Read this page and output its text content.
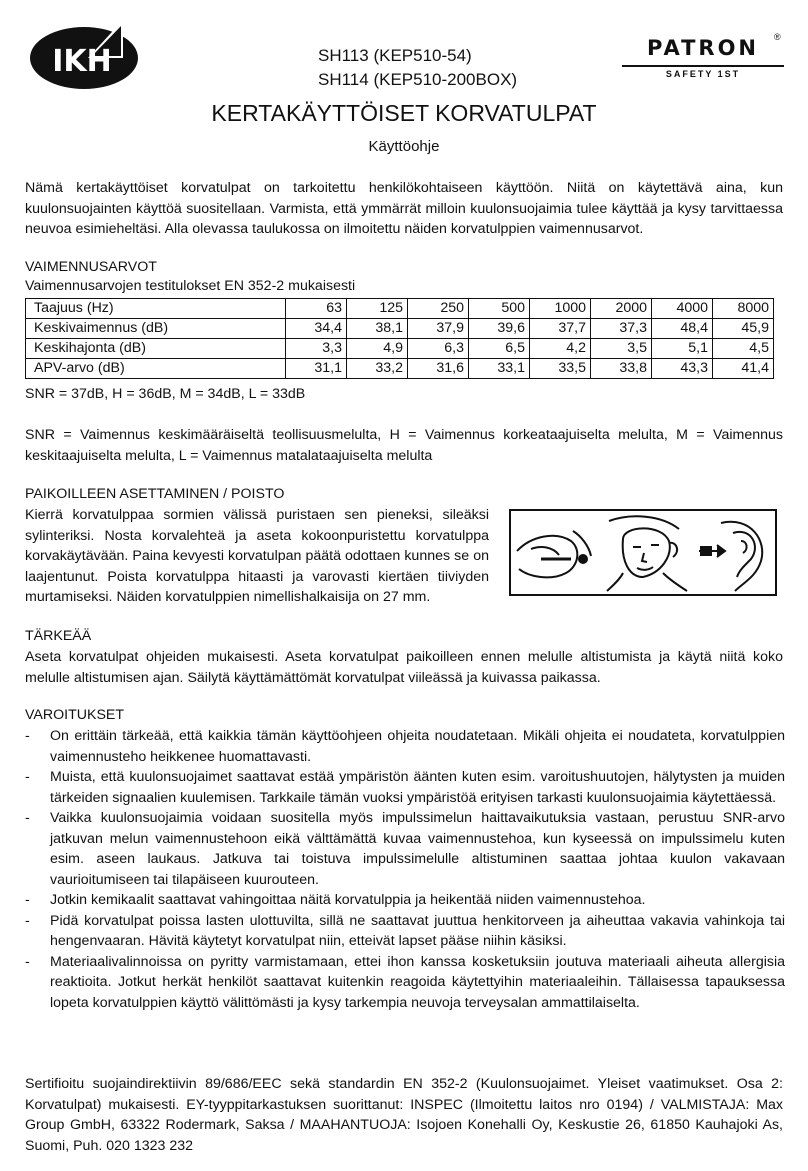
IKH	PATRON	®
SAFETY 1ST
SH113 (KEP510-54)
SH114 (KEP510-200BOX)
KERTAKÄYTTÖISET KORVATULPAT
Käyttöohje
Nämä kertakäyttöiset korvatulpat on tarkoitettu henkilökohtaiseen käyttöön. Niitä on käytettävä aina, kun kuulonsuojainten käyttöä suositellaan. Varmista, että ymmärrät milloin kuulonsuojaimia tulee käyttää ja kysy tarvittaessa neuvoa esimieheltäsi. Alla olevassa taulukossa on ilmoitettu näiden korvatulppien vaimennusarvot.
VAIMENNUSARVOT
Vaimennusarvojen testitulokset EN 352-2 mukaisesti
Taajuus (Hz)	63	125	250	500	1000	2000	4000	8000
Keskivaimennus (dB)	34,4	38,1	37,9	39,6	37,7	37,3	48,4	45,9
Keskihajonta (dB)	3,3	4,9	6,3	6,5	4,2	3,5	5,1	4,5
APV-arvo (dB)	31,1	33,2	31,6	33,1	33,5	33,8	43,3	41,4
SNR = 37dB, H = 36dB, M = 34dB, L = 33dB
SNR = Vaimennus keskimääräiseltä teollisuusmelulta, H = Vaimennus korkeataajuiselta melulta, M = Vaimennus keskitaajuiselta melulta, L = Vaimennus matalataajuiselta melulta
PAIKOILLEEN ASETTAMINEN / POISTO
Kierrä korvatulppaa sormien välissä puristaen sen pieneksi, sileäksi sylinteriksi. Nosta korvalehteä ja aseta kokoonpuristettu korvatulppa korvakäytävään. Paina kevyesti korvatulpan päätä odottaen kunnes se on laajentunut. Poista korvatulppa hitaasti ja varovasti kiertäen tiiviyden murtamiseksi. Näiden korvatulppien nimellishalkaisija on 27 mm.
TÄRKEÄÄ
Aseta korvatulpat ohjeiden mukaisesti. Aseta korvatulpat paikoilleen ennen melulle altistumista ja käytä niitä koko melulle altistumisen ajan. Säilytä käyttämättömät korvatulpat viileässä ja kuivassa paikassa.
VAROITUKSET
- On erittäin tärkeää, että kaikkia tämän käyttöohjeen ohjeita noudatetaan. Mikäli ohjeita ei noudateta, korvatulppien vaimennusteho heikkenee huomattavasti.
- Muista, että kuulonsuojaimet saattavat estää ympäristön äänten kuten esim. varoitushuutojen, hälytysten ja muiden tärkeiden signaalien kuulemisen. Tarkkaile tämän vuoksi ympäristöä erityisen tarkasti kuulonsuojaimia käytettäessä.
- Vaikka kuulonsuojaimia voidaan suositella myös impulssimelun haittavaikutuksia vastaan, perustuu SNR-arvo jatkuvan melun vaimennustehoon eikä välttämättä kuvaa vaimennustehoa, kun kyseessä on impulssimelu kuten esim. aseen laukaus. Jatkuva tai toistuva impulssimelulle altistuminen saattaa johtaa kuulon vakavaan vaurioitumiseen tai tilapäiseen kuurouteen.
- Jotkin kemikaalit saattavat vahingoittaa näitä korvatulppia ja heikentää niiden vaimennustehoa.
- Pidä korvatulpat poissa lasten ulottuvilta, sillä ne saattavat juuttua henkitorveen ja aiheuttaa vakavia vahinkoja tai hengenvaaran. Hävitä käytetyt korvatulpat niin, etteivät lapset pääse niihin käsiksi.
- Materiaalivalinnoissa on pyritty varmistamaan, ettei ihon kanssa kosketuksiin joutuva materiaali aiheuta allergisia reaktioita. Jotkut herkät henkilöt saattavat kuitenkin reagoida käytettyihin materiaaleihin. Tällaisessa tapauksessa lopeta korvatulppien käyttö välittömästi ja kysy tarkempia neuvoja terveysalan ammattilaiselta.
Sertifioitu suojaindirektiivin 89/686/EEC sekä standardin EN 352-2 (Kuulonsuojaimet. Yleiset vaatimukset. Osa 2: Korvatulpat) mukaisesti. EY-tyyppitarkastuksen suorittanut: INSPEC (Ilmoitettu laitos nro 0194) / VALMISTAJA: Max Group GmbH, 63322 Rodermark, Saksa / MAAHANTUOJA: Isojoen Konehalli Oy, Keskustie 26, 61850 Kauhajoki As, Suomi, Puh. 020 1323 232
